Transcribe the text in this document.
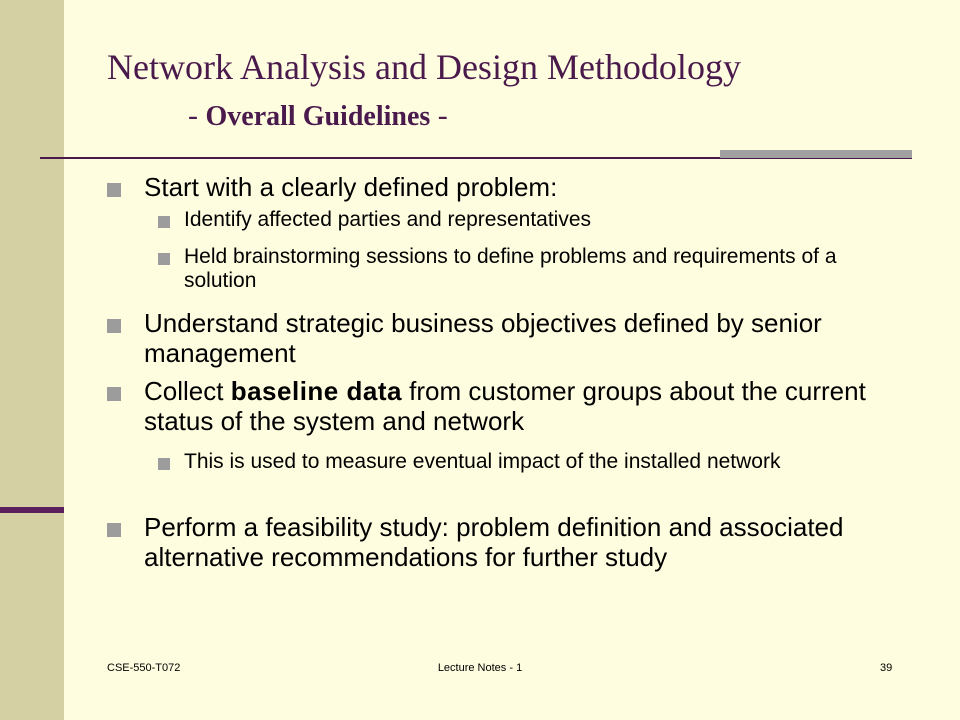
Network Analysis and Design Methodology
- Overall Guidelines -
Start with a clearly defined problem:
Identify affected parties and representatives
Held brainstorming sessions to define problems and requirements of a solution
Understand strategic business objectives defined by senior management
Collect baseline data from customer groups about the current status of the system and network
This is used to measure eventual impact of the installed network
Perform a feasibility study: problem definition and associated alternative recommendations for further study
CSE-550-T072	Lecture Notes - 1	39
